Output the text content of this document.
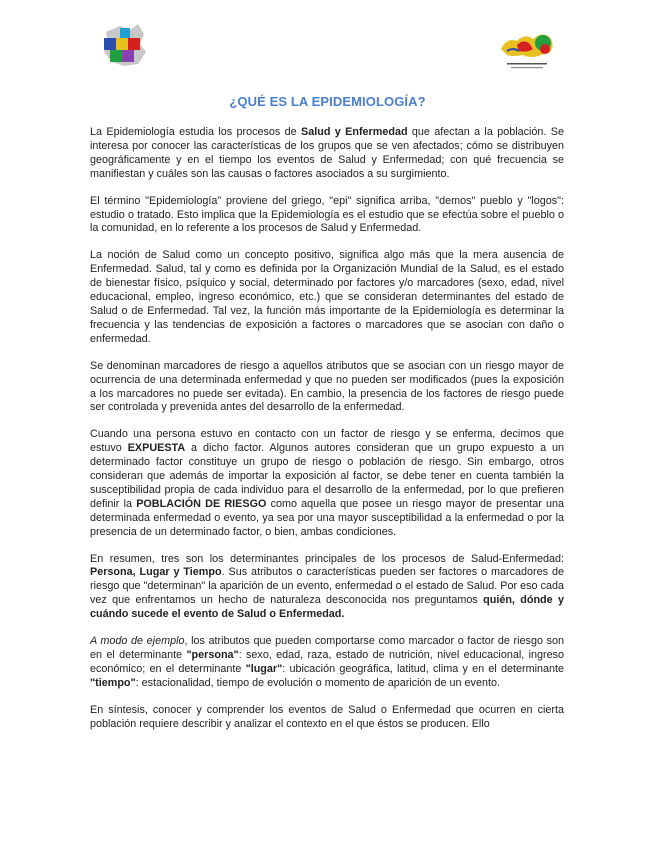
¿QUÉ ES LA EPIDEMIOLOGÍA?

La Epidemiología estudia los procesos de Salud y Enfermedad que afectan a la población. Se interesa por conocer las características de los grupos que se ven afectados; cómo se distribuyen geográficamente y en el tiempo los eventos de Salud y Enfermedad; con qué frecuencia se manifiestan y cuáles son las causas o factores asociados a su surgimiento.

El término "Epidemiología" proviene del griego, "epi" significa arriba, "demos" pueblo y "logos": estudio o tratado. Esto implica que la Epidemiología es el estudio que se efectúa sobre el pueblo o la comunidad, en lo referente a los procesos de Salud y Enfermedad.

La noción de Salud como un concepto positivo, significa algo más que la mera ausencia de Enfermedad. Salud, tal y como es definida por la Organización Mundial de la Salud, es el estado de bienestar físico, psíquico y social, determinado por factores y/o marcadores (sexo, edad, nivel educacional, empleo, ingreso económico, etc.) que se consideran determinantes del estado de Salud o de Enfermedad. Tal vez, la función más importante de la Epidemiología es determinar la frecuencia y las tendencias de exposición a factores o marcadores que se asocian con daño o enfermedad.

Se denominan marcadores de riesgo a aquellos atributos que se asocian con un riesgo mayor de ocurrencia de una determinada enfermedad y que no pueden ser modificados (pues la exposición a los marcadores no puede ser evitada). En cambio, la presencia de los factores de riesgo puede ser controlada y prevenida antes del desarrollo de la enfermedad.

Cuando una persona estuvo en contacto con un factor de riesgo y se enferma, decimos que estuvo EXPUESTA a dicho factor. Algunos autores consideran que un grupo expuesto a un determinado factor constituye un grupo de riesgo o población de riesgo. Sin embargo, otros consideran que además de importar la exposición al factor, se debe tener en cuenta también la susceptibilidad propia de cada individuo para el desarrollo de la enfermedad, por lo que prefieren definir la POBLACIÓN DE RIESGO como aquella que posee un riesgo mayor de presentar una determinada enfermedad o evento, ya sea por una mayor susceptibilidad a la enfermedad o por la presencia de un determinado factor, o bien, ambas condiciones.

En resumen, tres son los determinantes principales de los procesos de Salud-Enfermedad: Persona, Lugar y Tiempo. Sus atributos o características pueden ser factores o marcadores de riesgo que "determinan" la aparición de un evento, enfermedad o el estado de Salud. Por eso cada vez que enfrentamos un hecho de naturaleza desconocida nos preguntamos quién, dónde y cuándo sucede el evento de Salud o Enfermedad.

A modo de ejemplo, los atributos que pueden comportarse como marcador o factor de riesgo son en el determinante "persona": sexo, edad, raza, estado de nutrición, nivel educacional, ingreso económico; en el determinante "lugar": ubicación geográfica, latitud, clima y en el determinante "tiempo": estacionalidad, tiempo de evolución o momento de aparición de un evento.

En síntesis, conocer y comprender los eventos de Salud o Enfermedad que ocurren en cierta población requiere describir y analizar el contexto en el que éstos se producen. Ello
